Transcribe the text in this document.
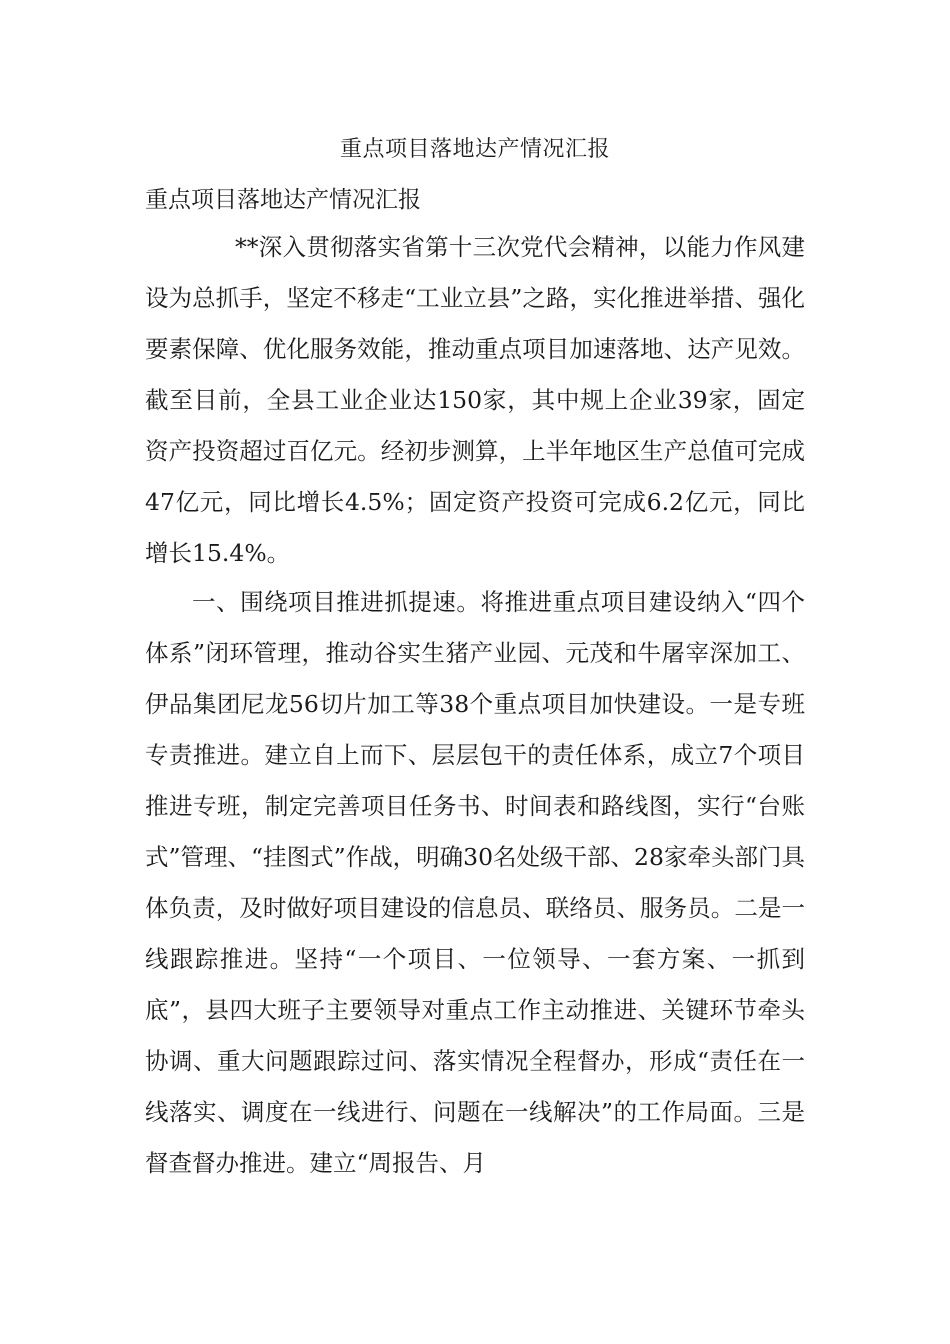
重点项目落地达产情况汇报
重点项目落地达产情况汇报
**深入贯彻落实省第十三次党代会精神，以能力作风建设为总抓手，坚定不移走“工业立县”之路，实化推进举措、强化要素保障、优化服务效能，推动重点项目加速落地、达产见效。截至目前，全县工业企业达150家，其中规上企业39家，固定资产投资超过百亿元。经初步测算，上半年地区生产总值可完成47亿元，同比增长4.5%；固定资产投资可完成6.2亿元，同比增长15.4%。
一、围绕项目推进抓提速。将推进重点项目建设纳入“四个体系”闭环管理，推动谷实生猪产业园、元茂和牛屠宰深加工、伊品集团尼龙56切片加工等38个重点项目加快建设。一是专班专责推进。建立自上而下、层层包干的责任体系，成立7个项目推进专班，制定完善项目任务书、时间表和路线图，实行“台账式”管理、“挂图式”作战，明确30名处级干部、28家牵头部门具体负责，及时做好项目建设的信息员、联络员、服务员。二是一线跟踪推进。坚持“一个项目、一位领导、一套方案、一抓到底”，县四大班子主要领导对重点工作主动推进、关键环节牵头协调、重大问题跟踪过问、落实情况全程督办，形成“责任在一线落实、调度在一线进行、问题在一线解决”的工作局面。三是督查督办推进。建立“周报告、月
